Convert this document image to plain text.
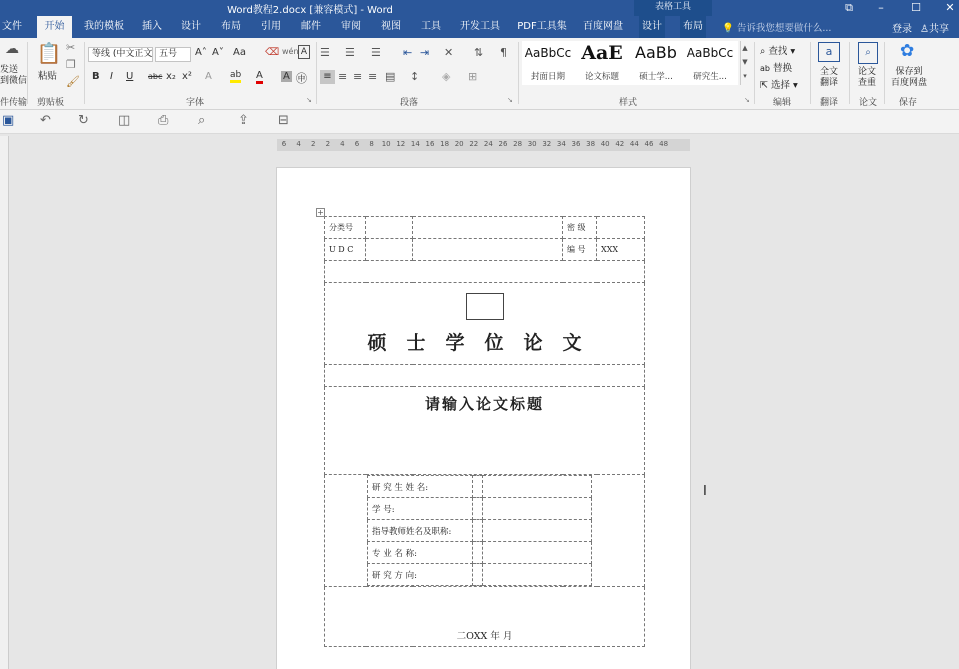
Word教程2.docx [兼容模式] - Word	表格工具	⧉	–	☐	✕
文件	开始	我的模板	插入	设计	布局	引用	邮件	审阅	视图	工具	开发工具 PDF工具集 百度网盘	设计	布局	💡 告诉我您想要做什么...	登录 ♙共享
☁
发送
到微信
件传输
📋
粘贴
✂
❐
🖌
剪贴板
等线 (中文正文 五号	A˄ A˅ Aa ⌫ wén A
B I U abc x₂ x² A ab A A ㊥
字体	↘
☰ ☰ ☰ ⇤ ⇥ ✕ ⇅ ¶
≡ ≡ ≡ ≡ ▤ ↕ ◈ ⊞
段落	↘
AaBbCc
封面日期
AaE
论文标题
AaBb
硕士学...
AaBbCc
研究生...
▲
▼
▾
样式	↘
⌕ 查找 ▾
ab 替换
⇱ 选择 ▾
编辑
a
全文
翻译
翻译
⌕
论文
查重
论文
✿
保存到
百度网盘
保存
▣ ↶ ↻ ◫ ⎙ ⌕	⇪ ⊟
6 4 2 2 4 6 8 10 12 14 16 18 20 22 24 26 28 30 32 34 36 38 40 42 44 46 48
分类号			密 级	
U D C			编 号	XXX

硕士学位论文

请输入论文标题

研 究 生 姓 名:		
学 号:		
指导教师姓名及职称:		
专 业 名 称:		
研 究 方 向:		

二OXX 年 月
+
I
